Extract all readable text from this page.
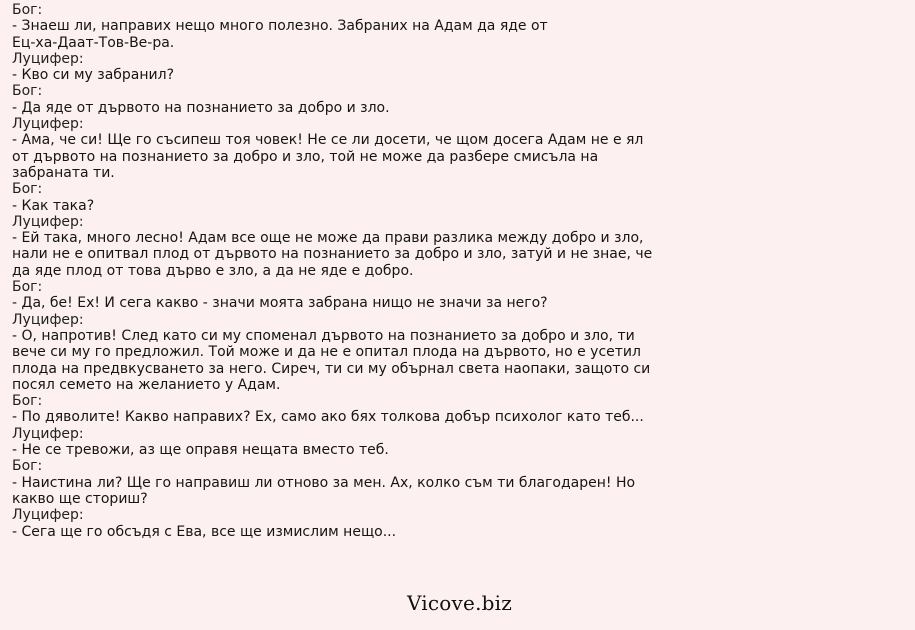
Бог:
- Знаеш ли, направих нещо много полезно. Забраних на Адам да яде от
Ец-ха-Даат-Тов-Ве-ра.
Луцифер:
- Кво си му забранил?
Бог:
- Да яде от дървото на познанието за добро и зло.
Луцифер:
- Ама, че си! Ще го съсипеш тоя човек! Не се ли досети, че щом досега Адам не е ял
от дървото на познанието за добро и зло, той не може да разбере смисъла на
забраната ти.
Бог:
- Как така?
Луцифер:
- Ей така, много лесно! Адам все още не може да прави разлика между добро и зло,
нали не е опитвал плод от дървото на познанието за добро и зло, затуй и не знае, че
да яде плод от това дърво е зло, а да не яде е добро.
Бог:
- Да, бе! Ех! И сега какво - значи моята забрана нищо не значи за него?
Луцифер:
- О, напротив! След като си му споменал дървото на познанието за добро и зло, ти
вече си му го предложил. Той може и да не е опитал плода на дървото, но е усетил
плода на предвкусването за него. Сиреч, ти си му обърнал света наопаки, защото си
посял семето на желанието у Адам.
Бог:
- По дяволите! Какво направих? Ех, само ако бях толкова добър психолог като теб...
Луцифер:
- Не се тревожи, аз ще оправя нещата вместо теб.
Бог:
- Наистина ли? Ще го направиш ли отново за мен. Ах, колко съм ти благодарен! Но
какво ще сториш?
Луцифер:
- Сега ще го обсъдя с Ева, все ще измислим нещо...
Vicove.biz
